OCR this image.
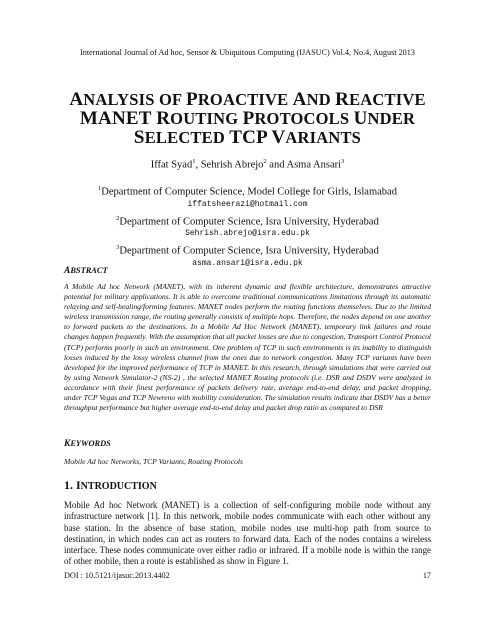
International Journal of Ad hoc, Sensor & Ubiquitous Computing (IJASUC) Vol.4, No.4, August 2013
ANALYSIS OF PROACTIVE AND REACTIVE
MANET ROUTING PROTOCOLS UNDER
SELECTED TCP VARIANTS
Iffat Syad$^1$, Sehrish Abrejo$^2$ and Asma Ansari$^3$
$^1$Department of Computer Science, Model College for Girls, Islamabad
iffatsheerazi@hotmail.com
$^2$Department of Computer Science, Isra University, Hyderabad
Sehrish.abrejo@isra.edu.pk
$^3$Department of Computer Science, Isra University, Hyderabad
asma.ansari@isra.edu.pk
ABSTRACT
A Mobile Ad hoc Network (MANET), with its inherent dynamic and flexible architecture, demonstrates attractive potential for military applications. It is able to overcome traditional communications limitations through its automatic relaying and self-healing/forming features. MANET nodes perform the routing functions themselves. Due to the limited wireless transmission range, the routing generally consists of multiple hops. Therefore, the nodes depend on one another to forward packets to the destinations. In a Mobile Ad Hoc Network (MANET), temporary link failures and route changes happen frequently. With the assumption that all packet losses are due to congestion, Transport Control Protocol (TCP) performs poorly in such an environment. One problem of TCP in such environments is its inability to distinguish losses induced by the lossy wireless channel from the ones due to network congestion. Many TCP variants have been developed for the improved performance of TCP in MANET. In this research, through simulations that were carried out by using Network Simulator-2 (NS-2) , the selected MANET Routing protocols (i.e. DSR and DSDV were analyzed in accordance with their finest performance of packets delivery rate, average end-to-end delay, and packet dropping, under TCP Vegas and TCP Newreno with mobility consideration. The simulation results indicate that DSDV has a better throughput performance but higher average end-to-end delay and packet drop ratio as compared to DSR
KEYWORDS
Mobile Ad hoc Networks, TCP Variants, Routing Protocols
1. INTRODUCTION
Mobile Ad hoc Network (MANET) is a collection of self-configuring mobile node without any infrastructure network [1]. In this network, mobile nodes communicate with each other without any base station. In the absence of base station, mobile nodes use multi-hop path from source to destination, in which nodes can act as routers to forward data. Each of the nodes contains a wireless interface. These nodes communicate over either radio or infrared. If a mobile node is within the range of other mobile, then a route is established as show in Figure 1.
DOI : 10.5121/ijasuc.2013.4402	17
